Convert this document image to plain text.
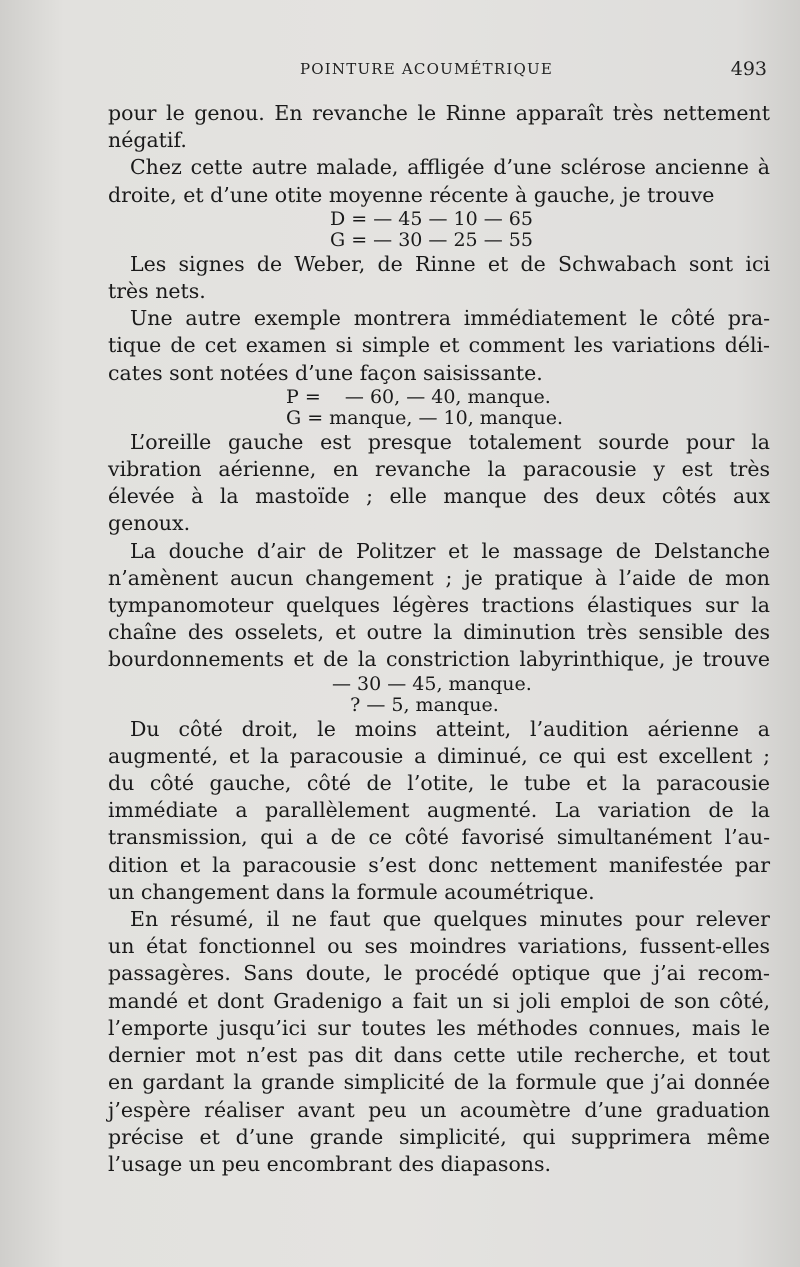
POINTURE ACOUMÉTRIQUE	493
pour le genou. En revanche le Rinne apparaît très nettement
négatif.
Chez cette autre malade, affligée d’une sclérose ancienne à
droite, et d’une otite moyenne récente à gauche, je trouve
D = — 45 — 10 — 65
G = — 30 — 25 — 55
Les signes de Weber, de Rinne et de Schwabach sont ici
très nets.
Une autre exemple montrera immédiatement le côté pra-
tique de cet examen si simple et comment les variations déli-
cates sont notées d’une façon saisissante.
P =    — 60, — 40, manque.
G = manque, — 10, manque.
L’oreille gauche est presque totalement sourde pour la
vibration aérienne, en revanche la paracousie y est très
élevée à la mastoïde ; elle manque des deux côtés aux
genoux.
La douche d’air de Politzer et le massage de Delstanche
n’amènent aucun changement ; je pratique à l’aide de mon
tympanomoteur quelques légères tractions élastiques sur la
chaîne des osselets, et outre la diminution très sensible des
bourdonnements et de la constriction labyrinthique, je trouve
— 30 — 45, manque.
? — 5, manque.
Du côté droit, le moins atteint, l’audition aérienne a
augmenté, et la paracousie a diminué, ce qui est excellent ;
du côté gauche, côté de l’otite, le tube et la paracousie
immédiate a parallèlement augmenté. La variation de la
transmission, qui a de ce côté favorisé simultanément l’au-
dition et la paracousie s’est donc nettement manifestée par
un changement dans la formule acoumétrique.
En résumé, il ne faut que quelques minutes pour relever
un état fonctionnel ou ses moindres variations, fussent-elles
passagères. Sans doute, le procédé optique que j’ai recom-
mandé et dont Gradenigo a fait un si joli emploi de son côté,
l’emporte jusqu’ici sur toutes les méthodes connues, mais le
dernier mot n’est pas dit dans cette utile recherche, et tout
en gardant la grande simplicité de la formule que j’ai donnée
j’espère réaliser avant peu un acoumètre d’une graduation
précise et d’une grande simplicité, qui supprimera même
l’usage un peu encombrant des diapasons.
